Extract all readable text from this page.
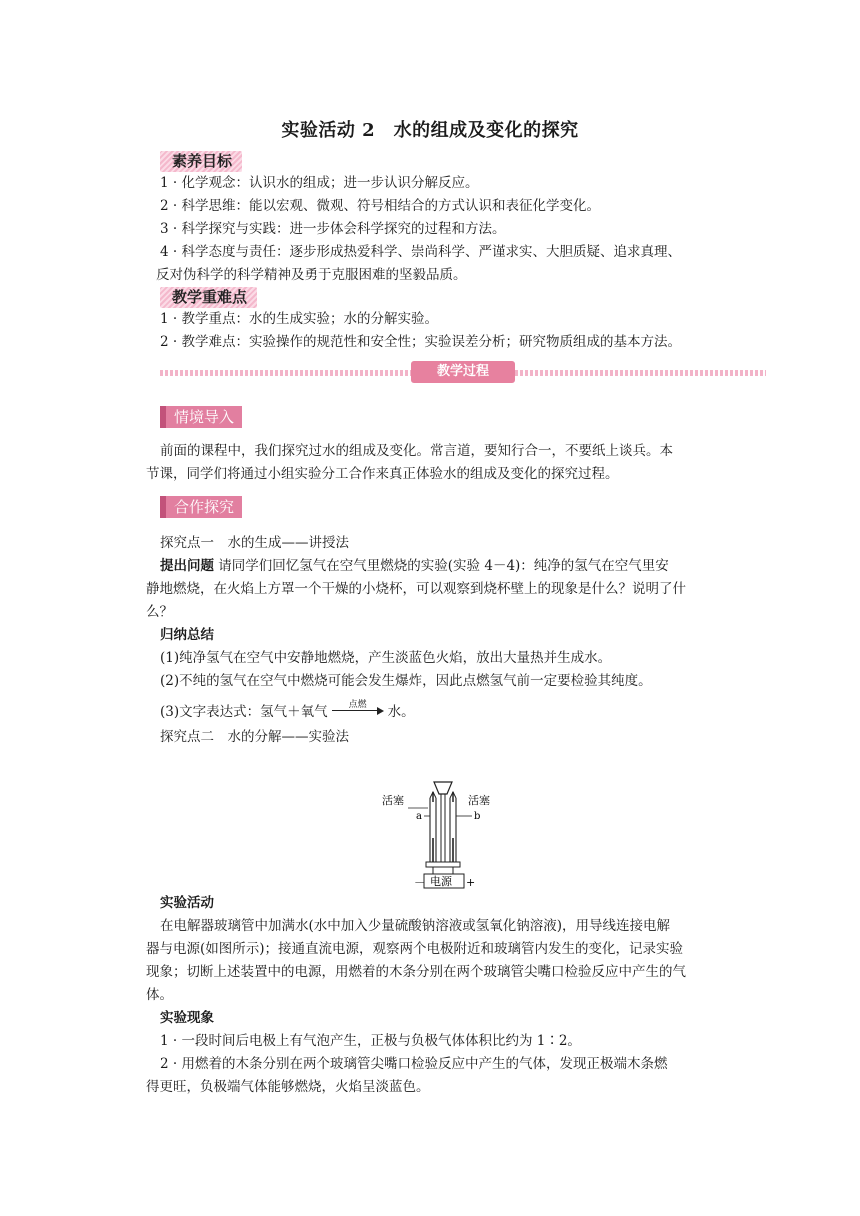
实验活动 2　水的组成及变化的探究
素养目标
1 · 化学观念：认识水的组成；进一步认识分解反应。
2 · 科学思维：能以宏观、微观、符号相结合的方式认识和表征化学变化。
3 · 科学探究与实践：进一步体会科学探究的过程和方法。
4 · 科学态度与责任：逐步形成热爱科学、崇尚科学、严谨求实、大胆质疑、追求真理、
反对伪科学的科学精神及勇于克服困难的坚毅品质。
教学重难点
1 · 教学重点：水的生成实验；水的分解实验。
2 · 教学难点：实验操作的规范性和安全性；实验误差分析；研究物质组成的基本方法。
教学过程
情境导入
前面的课程中，我们探究过水的组成及变化。常言道，要知行合一，不要纸上谈兵。本
节课，同学们将通过小组实验分工合作来真正体验水的组成及变化的探究过程。
合作探究
探究点一　水的生成——讲授法
提出问题 请同学们回忆氢气在空气里燃烧的实验(实验 4－4)：纯净的氢气在空气里安
静地燃烧，在火焰上方罩一个干燥的小烧杯，可以观察到烧杯壁上的现象是什么？说明了什
么？
归纳总结
(1)纯净氢气在空气中安静地燃烧，产生淡蓝色火焰，放出大量热并生成水。
(2)不纯的氢气在空气中燃烧可能会发生爆炸，因此点燃氢气前一定要检验其纯度。
(3)文字表达式：氢气＋氧气	点燃	水。
探究点二　水的分解——实验法
活塞	活塞
a	b
电源
－	+
实验活动
在电解器玻璃管中加满水(水中加入少量硫酸钠溶液或氢氧化钠溶液)，用导线连接电解
器与电源(如图所示)；接通直流电源，观察两个电极附近和玻璃管内发生的变化，记录实验
现象；切断上述装置中的电源，用燃着的木条分别在两个玻璃管尖嘴口检验反应中产生的气
体。
实验现象
1 · 一段时间后电极上有气泡产生，正极与负极气体体积比约为 1∶2。
2 · 用燃着的木条分别在两个玻璃管尖嘴口检验反应中产生的气体，发现正极端木条燃
得更旺，负极端气体能够燃烧，火焰呈淡蓝色。
